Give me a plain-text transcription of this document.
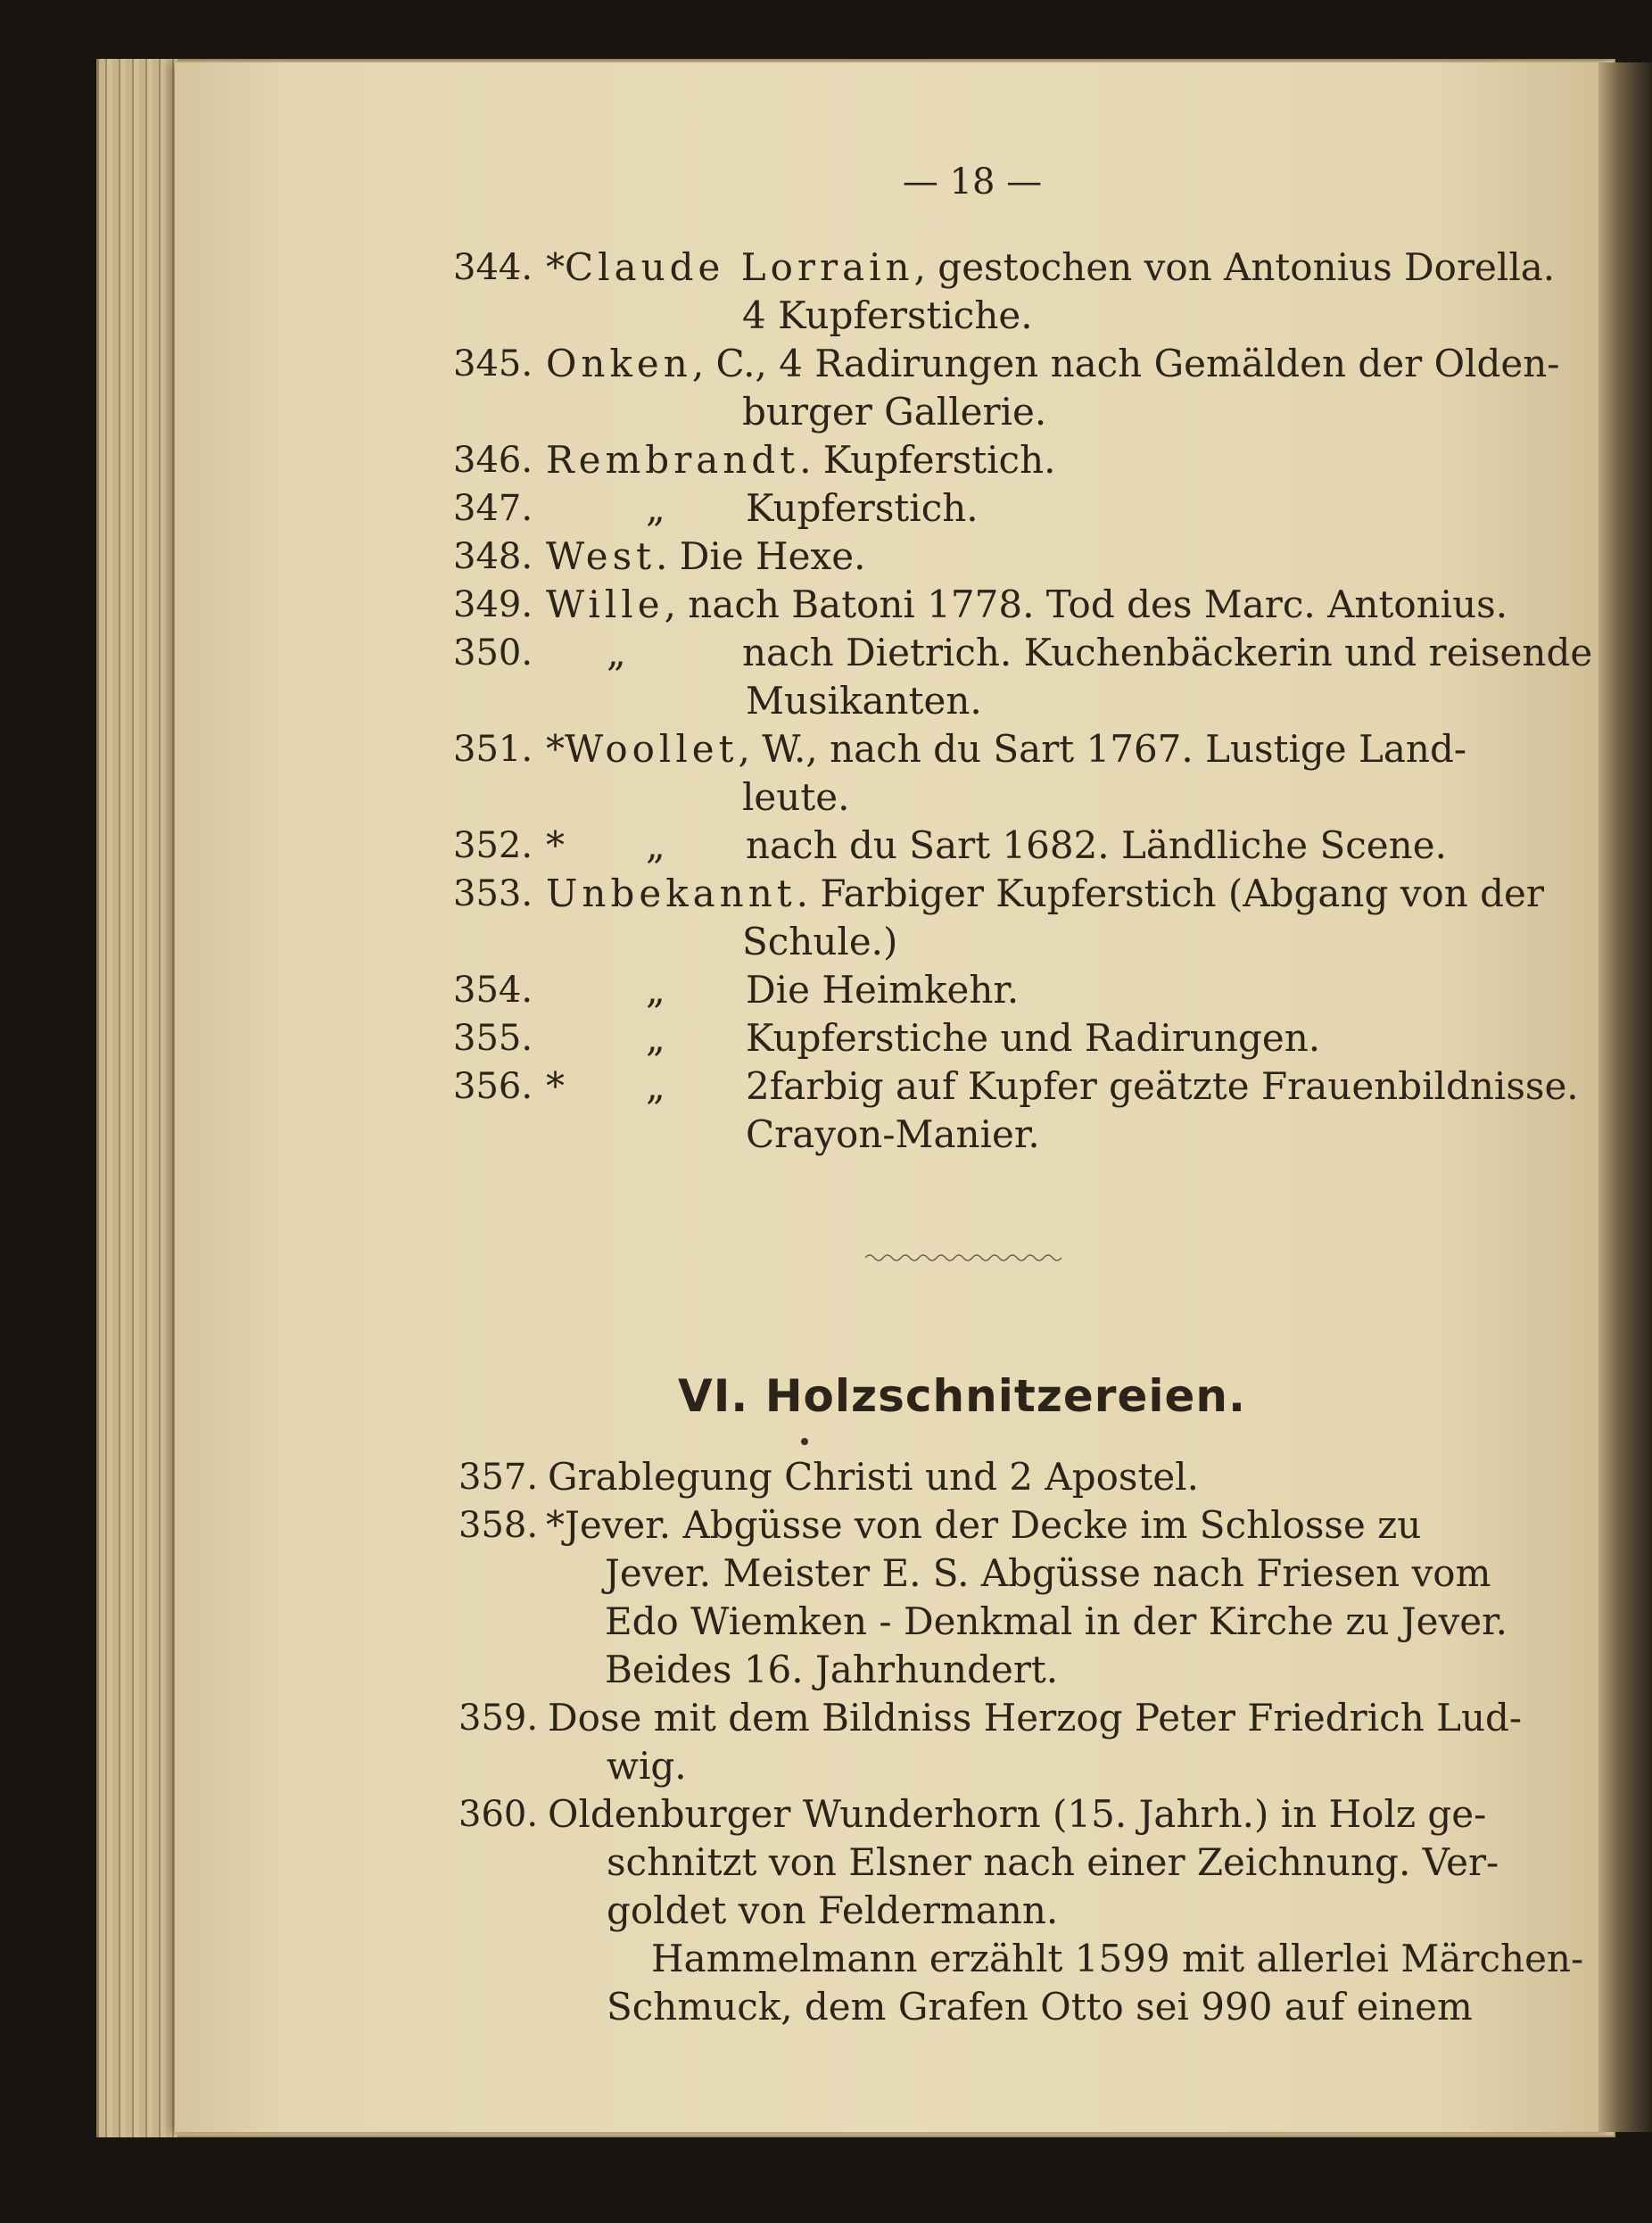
— 18 —
344. *Claude Lorrain, gestochen von Antonius Dorella.
4 Kupferstiche.
345. Onken, C., 4 Radirungen nach Gemälden der Olden-
burger Gallerie.
346. Rembrandt. Kupferstich.
347.	„ Kupferstich.
348. West. Die Hexe.
349. Wille, nach Batoni 1778. Tod des Marc. Antonius.
350. „	nach Dietrich. Kuchenbäckerin und reisende
Musikanten.
351. *Woollet, W., nach du Sart 1767. Lustige Land-
leute.
352. * „ nach du Sart 1682. Ländliche Scene.
353. Unbekannt. Farbiger Kupferstich (Abgang von der
Schule.)
354.	„ Die Heimkehr.
355.	„ Kupferstiche und Radirungen.
356. * „ 2farbig auf Kupfer geätzte Frauenbildnisse.
Crayon-Manier.
VI. Holzschnitzereien.
357. Grablegung Christi und 2 Apostel.
358. *Jever. Abgüsse von der Decke im Schlosse zu
Jever. Meister E. S. Abgüsse nach Friesen vom
Edo Wiemken - Denkmal in der Kirche zu Jever.
Beides 16. Jahrhundert.
359. Dose mit dem Bildniss Herzog Peter Friedrich Lud-
wig.
360. Oldenburger Wunderhorn (15. Jahrh.) in Holz ge-
schnitzt von Elsner nach einer Zeichnung. Ver-
goldet von Feldermann.
Hammelmann erzählt 1599 mit allerlei Märchen-
Schmuck, dem Grafen Otto sei 990 auf einem
